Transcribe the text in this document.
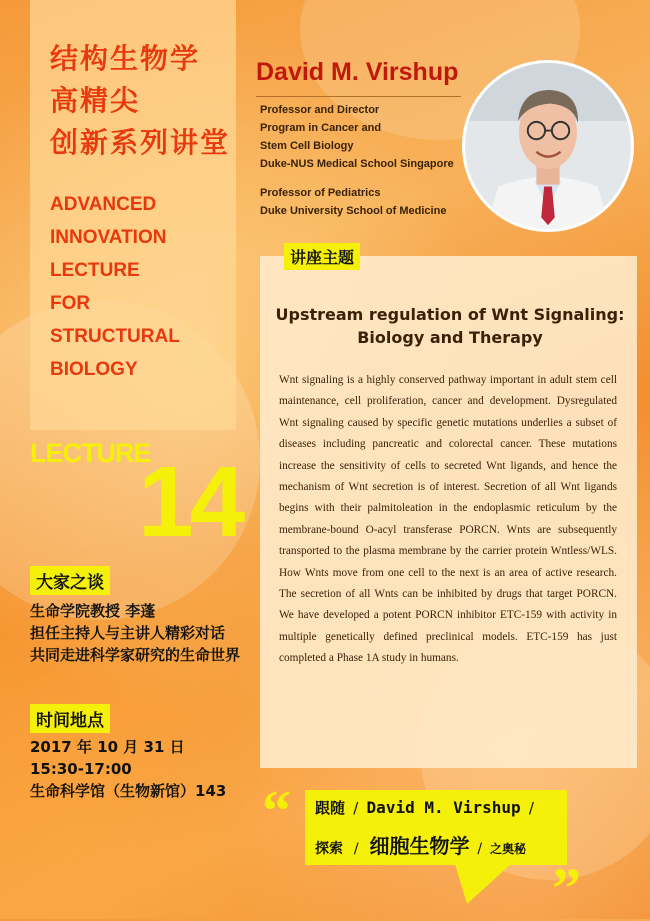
结构生物学
高精尖
创新系列讲堂
ADVANCED
INNOVATION
LECTURE
FOR
STRUCTURAL
BIOLOGY
LECTURE
14
大家之谈
生命学院教授 李蓬
担任主持人与主讲人精彩对话
共同走进科学家研究的生命世界
时间地点
2017 年 10 月 31 日
15:30-17:00
生命科学馆（生物新馆）143
David M. Virshup
Professor and Director
Program in Cancer and
Stem Cell Biology
Duke-NUS Medical School Singapore
Professor of Pediatrics
Duke University School of Medicine
讲座主题
Upstream regulation of Wnt Signaling:
Biology and Therapy
Wnt signaling is a highly conserved pathway important in adult stem cell maintenance, cell proliferation, cancer and development. Dysregulated Wnt signaling caused by specific genetic mutations underlies a subset of diseases including pancreatic and colorectal cancer. These mutations increase the sensitivity of cells to secreted Wnt ligands, and hence the mechanism of Wnt secretion is of interest. Secretion of all Wnt ligands begins with their palmitoleation in the endoplasmic reticulum by the membrane-bound O-acyl transferase PORCN. Wnts are subsequently transported to the plasma membrane by the carrier protein Wntless/WLS. How Wnts move from one cell to the next is an area of active research. The secretion of all Wnts can be inhibited by drugs that target PORCN. We have developed a potent PORCN inhibitor ETC-159 with activity in multiple genetically defined preclinical models. ETC-159 has just completed a Phase 1A study in humans.
“
”
跟随 / David M. Virshup /
探索 / 细胞生物学 / 之奥秘
